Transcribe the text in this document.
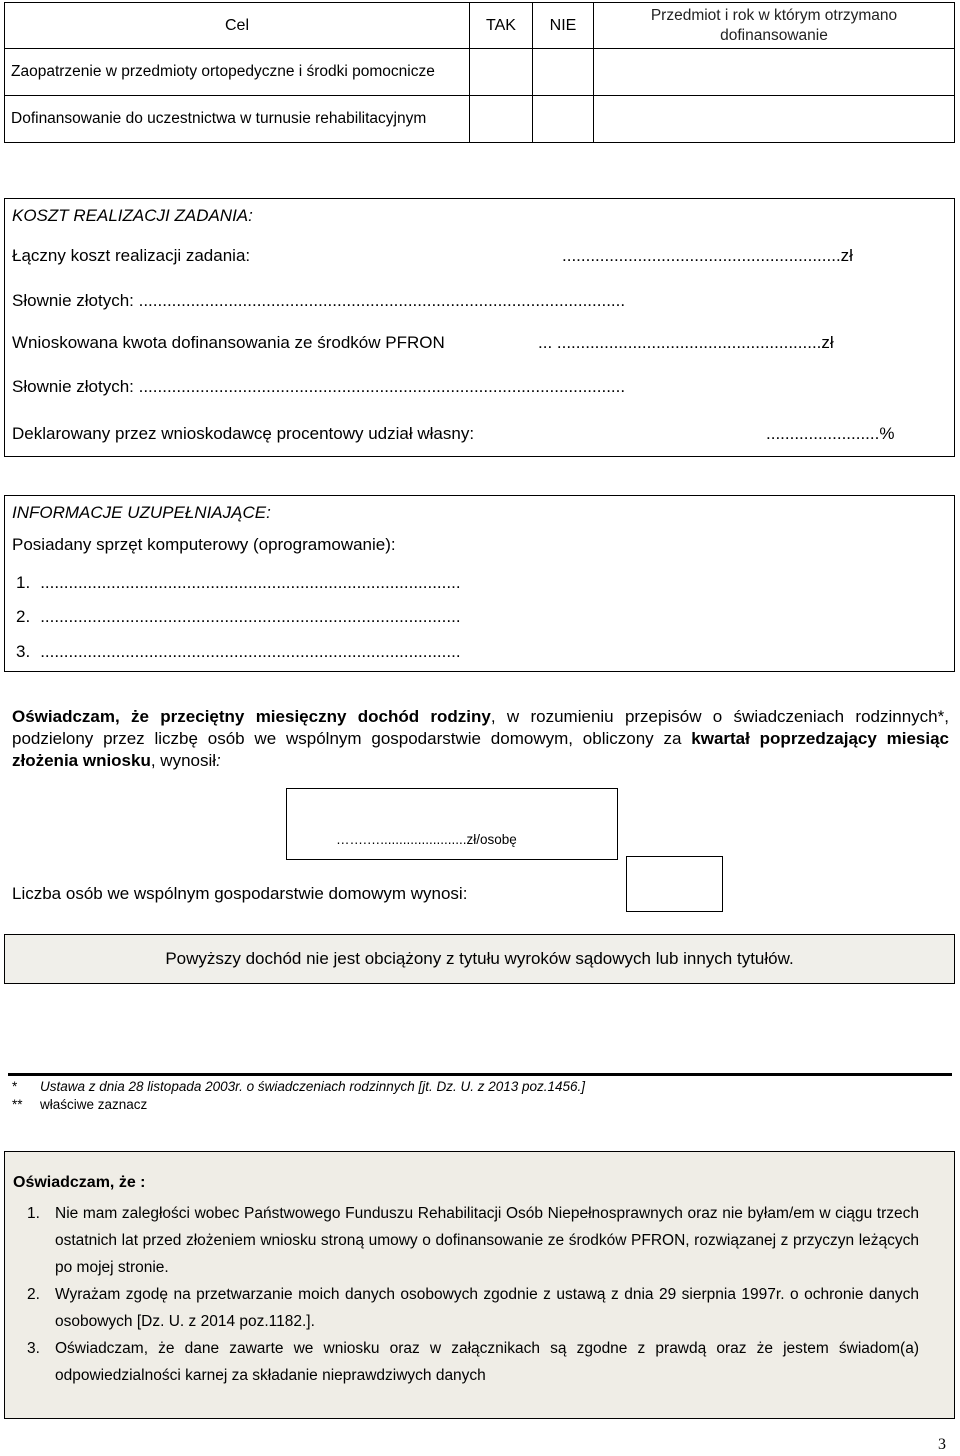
Cel	TAK	NIE	Przedmiot i rok w którym otrzymano dofinansowanie
Zaopatrzenie w przedmioty ortopedyczne i środki pomocnicze			
Dofinansowanie do uczestnictwa w turnusie rehabilitacyjnym			
KOSZT REALIZACJI ZADANIA:
Łączny koszt realizacji zadania:	...........................................................zł
Słownie złotych: .......................................................................................................
Wnioskowana kwota dofinansowania ze środków PFRON	... ........................................................zł
Słownie złotych: .......................................................................................................
Deklarowany przez wnioskodawcę procentowy udział własny:	........................%
INFORMACJE UZUPEŁNIAJĄCE:
Posiadany sprzęt komputerowy (oprogramowanie):
1. .........................................................................................
2. .........................................................................................
3. .........................................................................................
Oświadczam, że przeciętny miesięczny dochód rodziny, w rozumieniu przepisów o świadczeniach rodzinnych*, podzielony przez liczbę osób we wspólnym gospodarstwie domowym, obliczony za kwartał poprzedzający miesiąc złożenia wniosku, wynosił:
…….….......................zł/osobę
Liczba osób we wspólnym gospodarstwie domowym wynosi:
Powyższy dochód nie jest obciążony z tytułu wyroków sądowych lub innych tytułów.
* Ustawa z dnia 28 listopada 2003r. o świadczeniach rodzinnych [jt. Dz. U. z 2013 poz.1456.]
** właściwe zaznacz
Oświadczam, że :
1. Nie mam zaległości wobec Państwowego Funduszu Rehabilitacji Osób Niepełnosprawnych oraz nie byłam/em w ciągu trzech ostatnich lat przed złożeniem wniosku stroną umowy o dofinansowanie ze środków PFRON, rozwiązanej z przyczyn leżących po mojej stronie.
2. Wyrażam zgodę na przetwarzanie moich danych osobowych zgodnie z ustawą z dnia 29 sierpnia 1997r. o ochronie danych osobowych [Dz. U. z 2014 poz.1182.].
3. Oświadczam, że dane zawarte we wniosku oraz w załącznikach są zgodne z prawdą oraz że jestem świadom(a) odpowiedzialności karnej za składanie nieprawdziwych danych
3
